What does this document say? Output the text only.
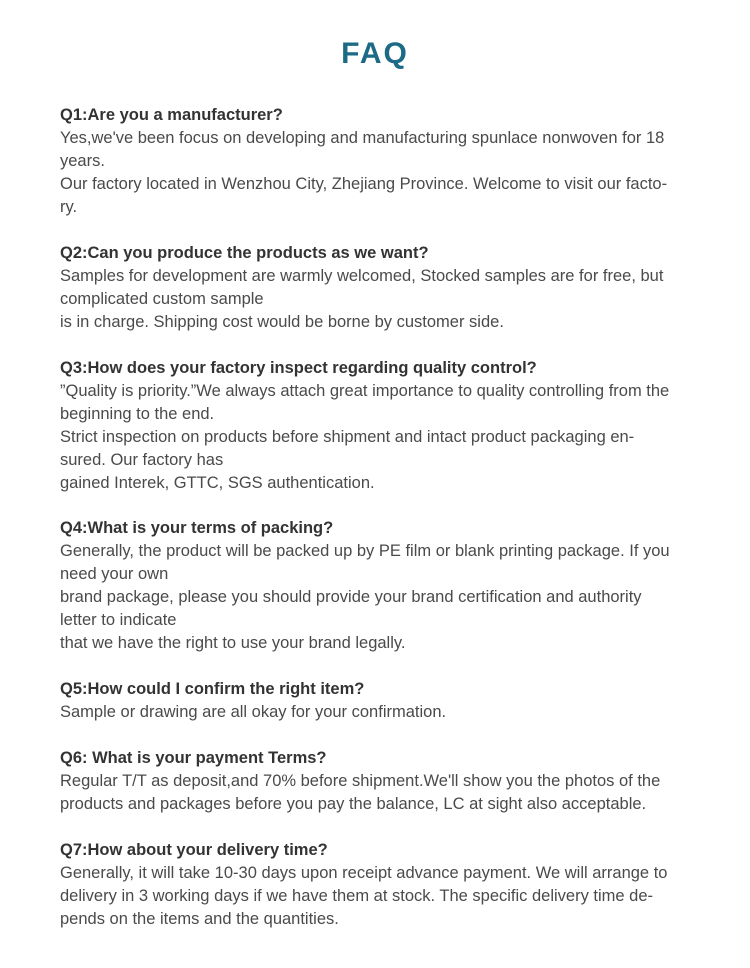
FAQ
Q1:Are you a manufacturer?
Yes,we've been focus on developing and manufacturing spunlace nonwoven for 18
years.
Our factory located in Wenzhou City, Zhejiang Province. Welcome to visit our facto-
ry.
Q2:Can you produce the products as we want?
Samples for development are warmly welcomed, Stocked samples are for free, but
complicated custom sample
is in charge. Shipping cost would be borne by customer side.
Q3:How does your factory inspect regarding quality control?
”Quality is priority.”We always attach great importance to quality controlling from the
beginning to the end.
Strict inspection on products before shipment and intact product packaging en-
sured. Our factory has
gained Interek, GTTC, SGS authentication.
Q4:What is your terms of packing?
Generally, the product will be packed up by PE film or blank printing package. If you
need your own
brand package, please you should provide your brand certification and authority
letter to indicate
that we have the right to use your brand legally.
Q5:How could I confirm the right item?
Sample or drawing are all okay for your confirmation.
Q6: What is your payment Terms?
Regular T/T as deposit,and 70% before shipment.We'll show you the photos of the
products and packages before you pay the balance, LC at sight also acceptable.
Q7:How about your delivery time?
Generally, it will take 10-30 days upon receipt advance payment. We will arrange to
delivery in 3 working days if we have them at stock. The specific delivery time de-
pends on the items and the quantities.
